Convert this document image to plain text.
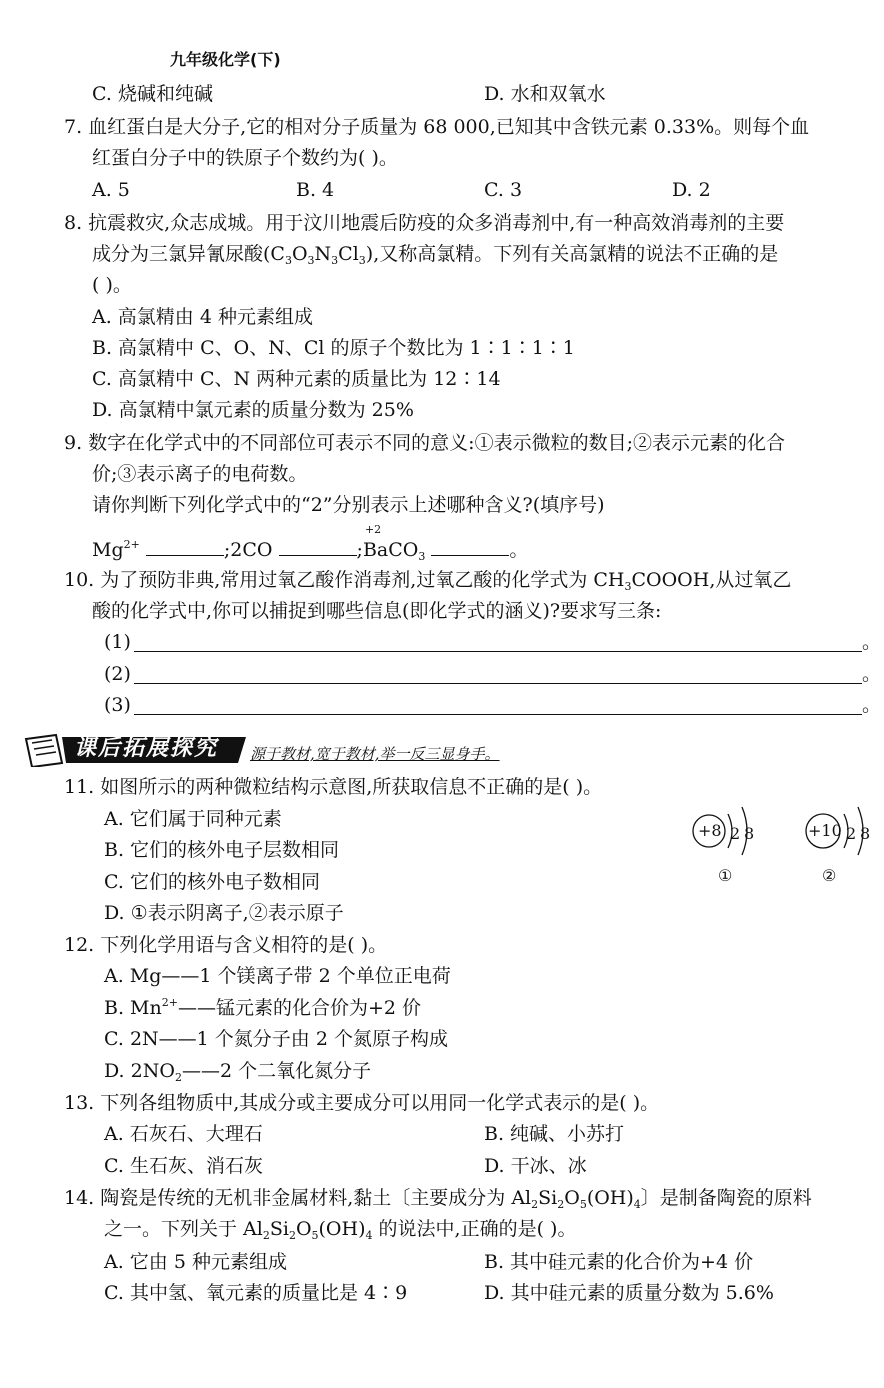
九年级化学(下)
C. 烧碱和纯碱	D. 水和双氧水
7. 血红蛋白是大分子,它的相对分子质量为 68 000,已知其中含铁元素 0.33%。则每个血
红蛋白分子中的铁原子个数约为( )。
A. 5	B. 4	C. 3	D. 2
8. 抗震救灾,众志成城。用于汶川地震后防疫的众多消毒剂中,有一种高效消毒剂的主要
成分为三氯异氰尿酸$(C_3O_3N_3Cl_3)$,又称高氯精。下列有关高氯精的说法不正确的是
( )。
A. 高氯精由 4 种元素组成
B. 高氯精中 C、O、N、Cl 的原子个数比为 1∶1∶1∶1
C. 高氯精中 C、N 两种元素的质量比为 12∶14
D. 高氯精中氯元素的质量分数为 25%
9. 数字在化学式中的不同部位可表示不同的意义:①表示微粒的数目;②表示元素的化合
价;③表示离子的电荷数。
请你判断下列化学式中的“2”分别表示上述哪种含义?(填序号)
$Mg^{2+}$	;2CO	;
+2
BaCO$_3$	。
10. 为了预防非典,常用过氧乙酸作消毒剂,过氧乙酸的化学式为 $CH_3COOOH$,从过氧乙
酸的化学式中,你可以捕捉到哪些信息(即化学式的涵义)?要求写三条:
(1)	。
(2)	。
(3)	。
课后拓展探究 源于教材,宽于教材,举一反三显身手。
11. 如图所示的两种微粒结构示意图,所获取信息不正确的是( )。
A. 它们属于同种元素
B. 它们的核外电子层数相同
C. 它们的核外电子数相同
D. ①表示阴离子,②表示原子
+8 2 8
①
+10 2 8
②
12. 下列化学用语与含义相符的是( )。
A. Mg——1 个镁离子带 2 个单位正电荷
B. $Mn^{2+}——$锰元素的化合价为+2 价
C. 2N——1 个氮分子由 2 个氮原子构成
D. $2NO_2——2$ 个二氧化氮分子
13. 下列各组物质中,其成分或主要成分可以用同一化学式表示的是( )。
A. 石灰石、大理石	B. 纯碱、小苏打
C. 生石灰、消石灰	D. 干冰、冰
14. 陶瓷是传统的无机非金属材料,黏土〔主要成分为 $Al_2Si_2O_5(OH)_4$〕是制备陶瓷的原料
之一。下列关于 $Al_2Si_2O_5(OH)_4$ 的说法中,正确的是( )。
A. 它由 5 种元素组成	B. 其中硅元素的化合价为+4 价
C. 其中氢、氧元素的质量比是 4∶9	D. 其中硅元素的质量分数为 5.6%
